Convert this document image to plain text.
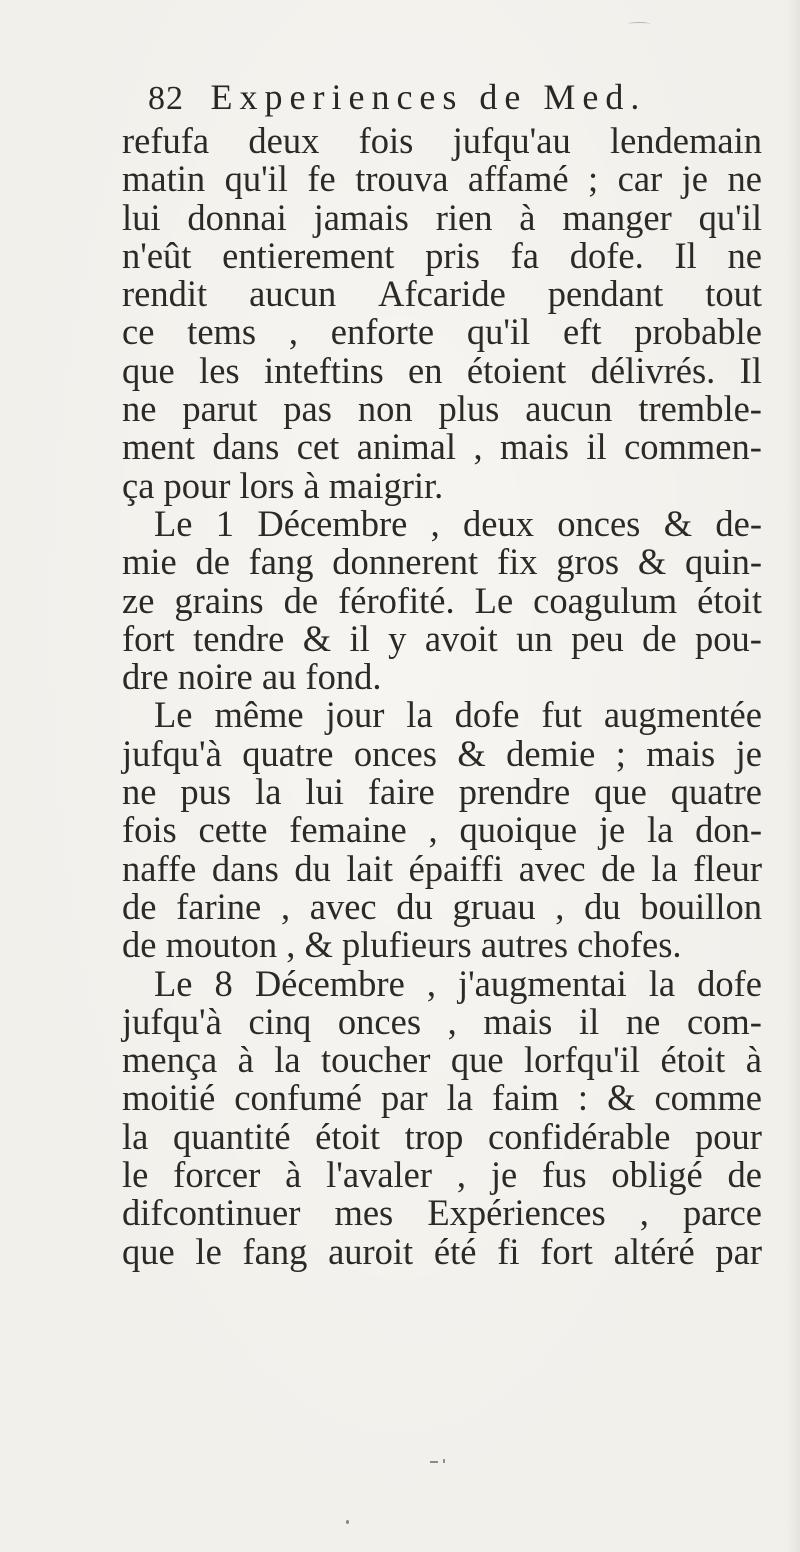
82 Experiences de Med.
refufa deux fois jufqu'au lendemain
matin qu'il fe trouva affamé ; car je ne
lui donnai jamais rien à manger qu'il
n'eût entierement pris fa dofe. Il ne
rendit aucun Afcaride pendant tout
ce tems , enforte qu'il eft probable
que les inteftins en étoient délivrés. Il
ne parut pas non plus aucun tremble-
ment dans cet animal , mais il commen-
ça pour lors à maigrir.
Le 1 Décembre , deux onces & de-
mie de fang donnerent fix gros & quin-
ze grains de férofité. Le coagulum étoit
fort tendre & il y avoit un peu de pou-
dre noire au fond.
Le même jour la dofe fut augmentée
jufqu'à quatre onces & demie ; mais je
ne pus la lui faire prendre que quatre
fois cette femaine , quoique je la don-
naffe dans du lait épaiffi avec de la fleur
de farine , avec du gruau , du bouillon
de mouton , & plufieurs autres chofes.
Le 8 Décembre , j'augmentai la dofe
jufqu'à cinq onces , mais il ne com-
mença à la toucher que lorfqu'il étoit à
moitié confumé par la faim : & comme
la quantité étoit trop confidérable pour
le forcer à l'avaler , je fus obligé de
difcontinuer mes Expériences , parce
que le fang auroit été fi fort altéré par
